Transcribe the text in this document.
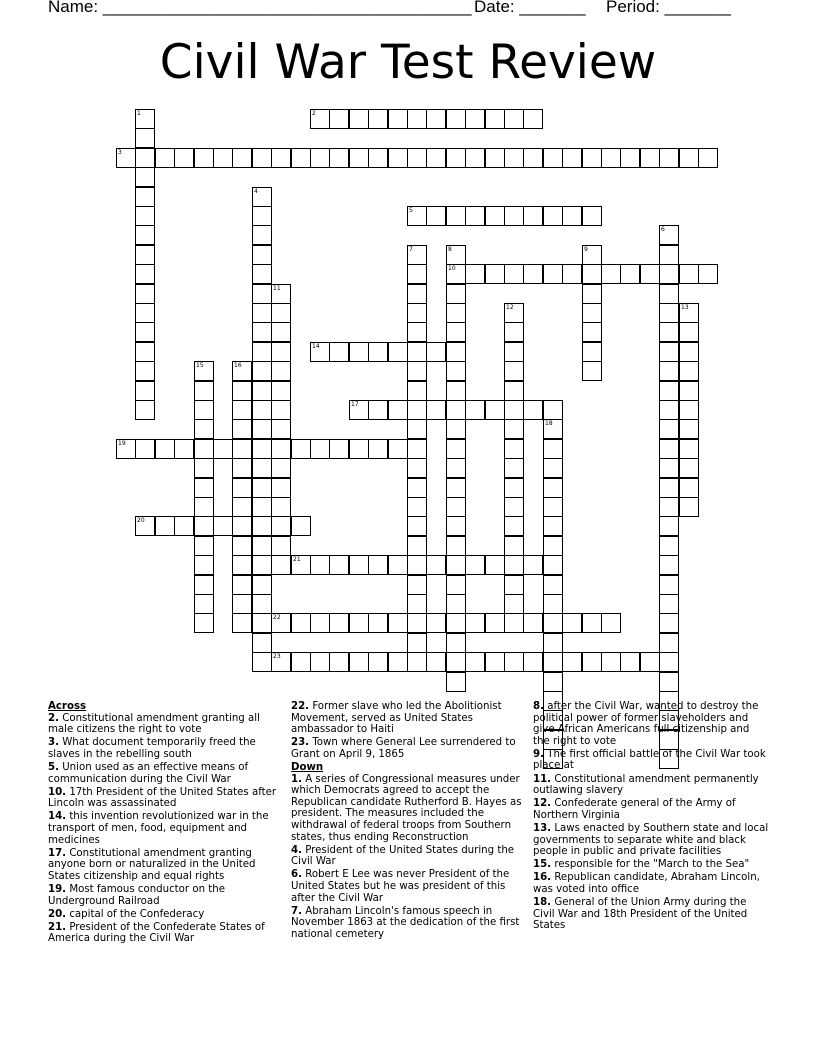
Name: _______________________________________ Date: _______ Period: _______
Civil War Test Review
1
4
6
7	8
10
9
11
12	13
15	16
18
2
3
5
14
17
19
20
21
22
23

Across

2. Constitutional amendment granting all male citizens the right to vote

3. What document temporarily freed the slaves in the rebelling south

5. Union used as an effective means of communication during the Civil War

10. 17th President of the United States after Lincoln was assassinated

14. this invention revolutionized war in the transport of men, food, equipment and medicines

17. Constitutional amendment granting anyone born or naturalized in the United States citizenship and equal rights

19. Most famous conductor on the Underground Railroad

20. capital of the Confederacy

21. President of the Confederate States of America during the Civil War

22. Former slave who led the Abolitionist Movement, served as United States ambassador to Haiti

23. Town where General Lee surrendered to Grant on April 9, 1865

Down

1. A series of Congressional measures under which Democrats agreed to accept the Republican candidate Rutherford B. Hayes as president. The measures included the withdrawal of federal troops from Southern states, thus ending Reconstruction

4. President of the United States during the Civil War

6. Robert E Lee was never President of the United States but he was president of this after the Civil War

7. Abraham Lincoln's famous speech in November 1863 at the dedication of the first national cemetery

8. after the Civil War, wanted to destroy the political power of former slaveholders and give African Americans full citizenship and the right to vote

9. The first official battle of the Civil War took place at

11. Constitutional amendment permanently outlawing slavery

12. Confederate general of the Army of Northern Virginia

13. Laws enacted by Southern state and local governments to separate white and black people in public and private facilities

15. responsible for the "March to the Sea"

16. Republican candidate, Abraham Lincoln, was voted into office

18. General of the Union Army during the Civil War and 18th President of the United States
